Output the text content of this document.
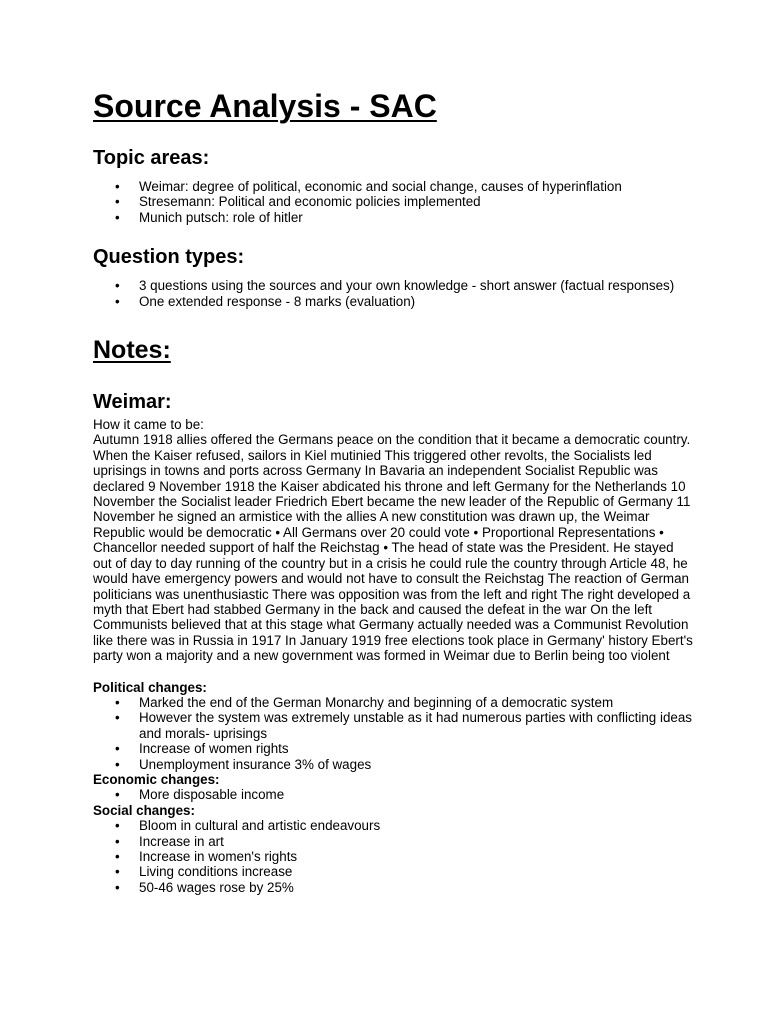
Source Analysis - SAC
Topic areas:
• Weimar: degree of political, economic and social change, causes of hyperinflation
• Stresemann: Political and economic policies implemented
• Munich putsch: role of hitler
Question types:
• 3 questions using the sources and your own knowledge - short answer (factual responses)
• One extended response - 8 marks (evaluation)
Notes:
Weimar:

How it came to be:

Autumn 1918 allies offered the Germans peace on the condition that it became a democratic country. When the Kaiser refused, sailors in Kiel mutinied This triggered other revolts, the Socialists led uprisings in towns and ports across Germany In Bavaria an independent Socialist Republic was declared 9 November 1918 the Kaiser abdicated his throne and left Germany for the Netherlands 10 November the Socialist leader Friedrich Ebert became the new leader of the Republic of Germany 11 November he signed an armistice with the allies A new constitution was drawn up, the Weimar Republic would be democratic • All Germans over 20 could vote • Proportional Representations • Chancellor needed support of half the Reichstag • The head of state was the President. He stayed out of day to day running of the country but in a crisis he could rule the country through Article 48, he would have emergency powers and would not have to consult the Reichstag The reaction of German politicians was unenthusiastic There was opposition was from the left and right The right developed a myth that Ebert had stabbed Germany in the back and caused the defeat in the war On the left Communists believed that at this stage what Germany actually needed was a Communist Revolution like there was in Russia in 1917 In January 1919 free elections took place in Germany' history Ebert's party won a majority and a new government was formed in Weimar due to Berlin being too violent

Political changes:

• Marked the end of the German Monarchy and beginning of a democratic system
• However the system was extremely unstable as it had numerous parties with conflicting ideas and morals- uprisings
• Increase of women rights
• Unemployment insurance 3% of wages

Economic changes:

• More disposable income

Social changes:

• Bloom in cultural and artistic endeavours
• Increase in art
• Increase in women's rights
• Living conditions increase
• 50-46 wages rose by 25%
